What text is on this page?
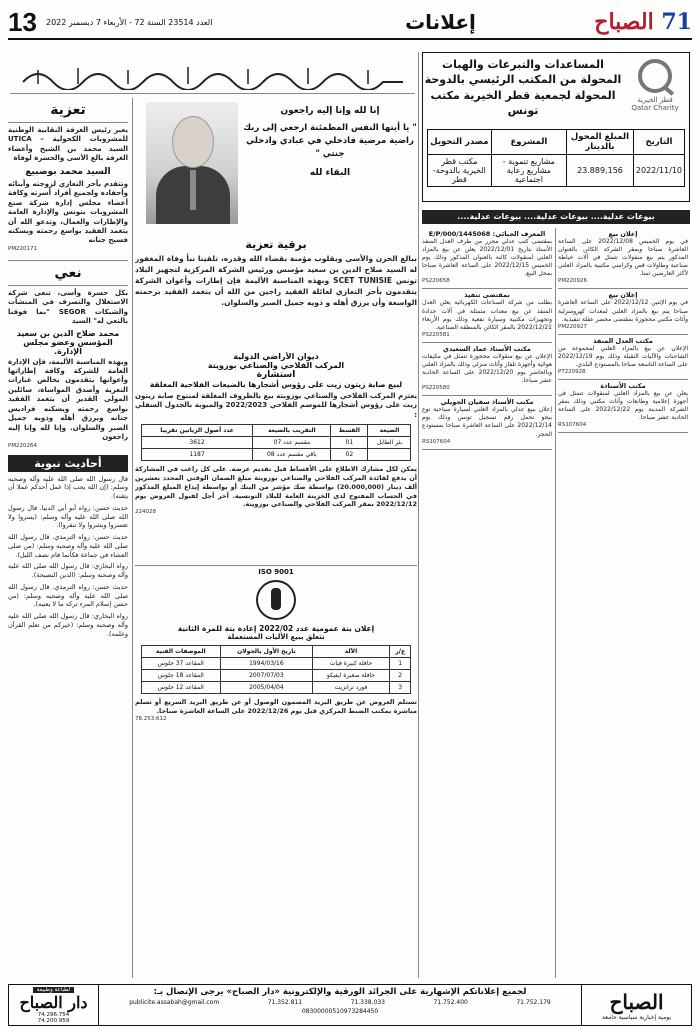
13	العدد 23514 السنة 72 - الأربعاء 7 ديسمبر 2022	إعلانات	71 الصباح
المساعدات والتبرعات والهبات المحولة من المكتب الرئيسي بالدوحة المحولة لجمعية قطر الخيرية مكتب تونس
قطر الخيرية Qatar Charity
التاريخ	المبلغ المحول بالدينار	المشروع	مصدر التحويل
2022/11/10	23.889,156	مشاريع تنموية - مشاريع رعاية اجتماعية	مكتب قطر الخيرية بالدوحة-قطر
بيوعات عدلية.... بيوعات عدلية.... بيوعات عدلية....
المعرف الجبائي: 1445068/E/P/000
بمقتضى كتب عدلي محرر من طرف العدل المنفذ الأستاذ بتاريخ 2022/12/01 يعلن عن بيع بالمزاد العلني لمنقولات كائنة بالعنوان المذكور وذلك يوم الخميس 2022/12/15 على الساعة العاشرة صباحا بمحل البيع.
PS220658
بمقتضى تنفيذ
بطلب من شركة الصناعات الكهربائية يعلن العدل المنفذ عن بيع معدات متمثلة في آلات حدادة وتجهيزات مكتبية وسيارة نفعية وذلك يوم الأربعاء 2022/12/21 بالمقر الكائن بالمنطقة الصناعية.
PS220581
مكتب الأستاذ عماد السعيدي
الإعلان عن بيع منقولات محجوزة تتمثل في مكيفات هوائية وأجهزة تلفاز وأثاث منزلي وذلك بالمزاد العلني وبالحاضر يوم 2022/12/20 على الساعة الحادية عشر صباحا.
PS220580
مكتب الأستاذ سفيان الجويلي
إعلان ببيع عدلي بالمزاد العلني لسيارة سياحية نوع بيجو تحمل رقم تسجيل تونس وذلك يوم 2022/12/14 على الساعة العاشرة صباحا بمستودع الحجز.
RS107604
إعلان بيع
في يوم الخميس 2022/12/08 على الساعة العاشرة صباحا وبمقر الشركة الكائن بالعنوان المذكور يتم بيع منقولات تتمثل في آلات خياطة صناعية وطاولات قص وكراسي مكتبية بالمزاد العلني لأكثر العارضين ثمنا.
PM220926
إعلان بيع
في يوم الإثنين 2022/12/12 على الساعة العاشرة صباحا يتم بيع بالمزاد العلني لمعدات كهرومنزلية وأثاث مكتبي محجوزة بمقتضى محضر عقلة تنفيذية.
PM220927
مكتب العدل المنفذ
الإعلان عن بيع بالمزاد العلني لمجموعة من الشاحنات والآليات الثقيلة وذلك يوم 2022/12/19 على الساعة التاسعة صباحا بالمستودع البلدي.
PT220928
مكتب الأستاذة
يعلن عن بيع بالمزاد العلني لمنقولات تتمثل في أجهزة إعلامية وطابعات وأثاث مكتبي وذلك بمقر الشركة المدينة يوم 2022/12/22 على الساعة الحادية عشر صباحا.
RS107604
إنا لله وإنا إليه راجعون
" يا أيتها النفس المطمئنة ارجعي إلى ربك راضية مرضية فادخلي في عبادي وادخلي جنتي "
البقاء لله
برقية تعزية
ببالغ الحزن والأسى وبقلوب مؤمنة بقضاء الله وقدره، تلقينا نبأ وفاة المغفور له السيد صلاح الدين بن سعيد مؤسس ورئيس الشركة المركزية لتجهيز البلاد تونس SCET TUNISIE وبهذه المناسبة الأليمة فإن إطارات وأعوان الشركة يتقدمون بأحر التعازي لعائلة الفقيد راجين من الله أن يتغمد الفقيد برحمته الواسعة وأن يرزق أهله و ذويه جميل الصبر والسلوان.
تعزية
يعبر رئيس الغرفة النقابية الوطنية للمشروبات الكحولية – UTICA السيد محمد بن الشيخ وأعضاء الغرفة بالغ الأسى والحسرة لوفاة
السيد محمد بوصبيع
وتتقدم بأحر التعازي لزوجته وأبنائه وأحفاده ولجميع أفراد أسرته وكافة أعضاء مجلس إدارة شركة صنع المشروبات بتونس والإدارة العامة والإطارات والعمال، وتدعو الله أن يتغمد الفقيد بواسع رحمته ويسكنه فسيح جنانه
PM220171
نعي
بكل حسرة وأسى، تنعى شركة الاستغلال والتصرف في المنشآت والشبكات SEGOR "بما فوقنا بالنعي له" السيد
محمد صلاح الدين بن سعيد المؤسس وعضو مجلس الإدارة.
وبهذه المناسبة الأليمة، فإن الإدارة العامة للشركة وكافة إطاراتها وأعوانها يتقدمون بخالص عبارات التعزية وأصدق المواساة، سائلين المولى القدير أن يتغمد الفقيد بواسع رحمته ويسكنه فراديس جنانه ويرزق أهله وذويه جميل الصبر والسلوان. وإنا لله وإنا إليه راجعون
PM220264
أحاديث نبوية
قال رسول الله صلى الله عليه وآله وصحبه وسلم: (إن الله يحب إذا عمل أحدكم عملا أن يتقنه).
حديث حسن: رواه أبو أبي الدنيا. قال رسول الله صلى الله عليه وآله وسلم: (يسروا ولا تعسروا وبشروا ولا تنفروا).
حديث حسن: رواه الترمذي. قال رسول الله صلى الله عليه وآله وصحبه وسلم: (من صلى العشاء في جماعة فكأنما قام نصف الليل).
رواه البخاري: قال رسول الله صلى الله عليه وآله وصحبه وسلم: (الدين النصيحة).
حديث حسن: رواه الترمذي. قال رسول الله صلى الله عليه وآله وصحبه وسلم: (من حسن إسلام المرء تركه ما لا يعنيه).
رواه البخاري: قال رسول الله صلى الله عليه وآله وصحبه وسلم: (خيركم من تعلم القرآن وعلمه).
ديوان الأراضي الدولية
المركب الفلاحي والصناعي بوزويتة
استشارة
لبيع صابة زيتون زيت على رؤوس أشجارها بالضيعات الفلاحية المغلقة
يعتزم المركب الفلاحي والصناعي بوزويتة بيع بالظروف المغلقة لمنتوج صابة زيتون زيت على رؤوس أشجارها للموسم الفلاحي 2022/2023 والمبوبة بالجدول السفلي :
الضيعة	القسط	التقريب بالضيعة	عدد أصول الزياتين تقريبا
بئر الطابل	01	مقسم عدد 07	3612
	02	باقي مقسم عدد 08	1187
يمكن لكل مشارك الاطلاع على الأقساط قبل تقديم عرضه. على كل راغب في المشاركة أن يدفع لفائدة المركب الفلاحي والصناعي بوزويتة مبلغ الضمان الوقتي المحدد بعشرين ألف دينار (20.000,000) بواسطة صك مؤشر من البنك أو بواسطة إيداع المبلغ المذكور في الحساب المفتوح لدى الخزينة العامة للبلاد التونسية. آخر أجل لقبول العروض يوم 2022/12/12 بمقر المركب الفلاحي والصناعي بوزويتة.
224028
ISO 9001
إعلان بتة عمومية عدد 2022/02 إعادة بتة للمرة الثانية
تتعلق ببيع الأليات المستعملة
ع/ر	الآلة	تاريخ الأول بالجولان	الموصفات الفنية
1	حافلة كبيرة فيات	1994/03/16	المقاعد 37 جلوس
2	حافلة صغيرة ايفيكو	2007/07/03	المقاعد 18 جلوس
3	فورد ترانزيت	2005/04/04	المقاعد 12 جلوس
تستلم العروض عن طريق البريد المضمون الوصول أو عن طريق البريد السريع أو تسلم مباشرة بمكتب الضبط المركزي قبل يوم 2022/12/26 على الساعة العاشرة صباحا.
78.253.612
الصباح
يومية إخبارية سياسية جامعة
لجميع إعلاناتكم الإشهارية على الجرائد الورقية والإلكترونية «دار الصباح» يرجى الإتصال بـ:
publicite.assabah@gmail.com	71.352.811	71.338.033	71.752.400	71.752.179
08300000510973284450
لطباعة وطبيعة
دار الصباح
74.296.754
74.200.959
